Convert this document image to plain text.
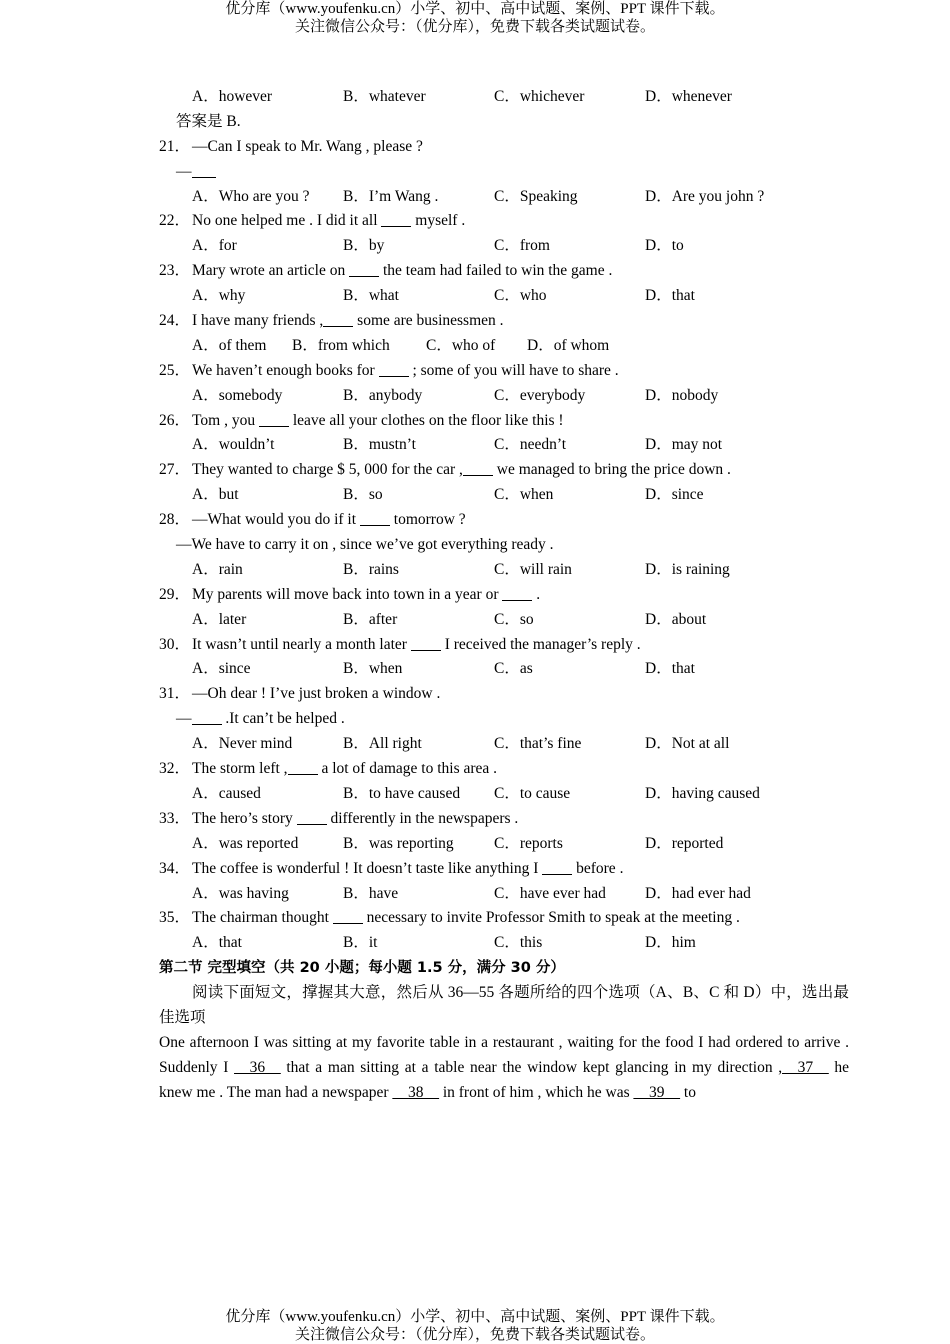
优分库（www.youfenku.cn）小学、初中、高中试题、案例、PPT 课件下载。
关注微信公众号：（优分库），免费下载各类试题试卷。
A．however	B．whatever	C．whichever	D．whenever
答案是 B.
21． —Can I speak to Mr. Wang , please ?
—
A．Who are you ? B．I’m Wang .	C．Speaking	D．Are you john ?
22． No one helped me . I did it all  myself .
A．for	B．by	C．from	D．to
23． Mary wrote an article on  the team had failed to win the game .
A．why	B．what	C．who	D．that
24． I have many friends , some are businessmen .
A．of them B．from which C．who of D．of whom
25． We haven’t enough books for  ; some of you will have to share .
A．somebody	B．anybody	C．everybody	D．nobody
26． Tom , you  leave all your clothes on the floor like this !
A．wouldn’t	B．mustn’t	C．needn’t	D．may not
27． They wanted to charge $ 5, 000 for the car , we managed to bring the price down .
A．but	B．so	C．when	D．since
28． —What would you do if it  tomorrow ?
—We have to carry it on , since we’ve got everything ready .
A．rain	B．rains	C．will rain	D．is raining
29． My parents will move back into town in a year or  .
A．later	B．after	C．so	D．about
30． It wasn’t until nearly a month later  I received the manager’s reply .
A．since	B．when	C．as	D．that
31． —Oh dear ! I’ve just broken a window .
— .It can’t be helped .
A．Never mind	B．All right	C．that’s fine	D．Not at all
32． The storm left , a lot of damage to this area .
A．caused	B．to have caused C．to cause	D．having caused
33． The hero’s story  differently in the newspapers .
A．was reported	B．was reporting	C．reports	D．reported
34． The coffee is wonderful ! It doesn’t taste like anything I  before .
A．was having	B．have	C．have ever had	D．had ever had
35． The chairman thought  necessary to invite Professor Smith to speak at the meeting .
A．that	B．it	C．this	D．him
第二节 完型填空（共 20 小题；每小题 1.5 分，满分 30 分）
阅读下面短文，撑握其大意，然后从 36—55 各题所给的四个选项（A、B、C 和 D）中，选出最佳选项
One afternoon I was sitting at my favorite table in a restaurant , waiting for the food I had ordered to arrive . Suddenly I __36__ that a man sitting at a table near the window kept glancing in my direction ,__37__ he knew me . The man had a newspaper __38__ in front of him , which he was __39__ to
优分库（www.youfenku.cn）小学、初中、高中试题、案例、PPT 课件下载。
关注微信公众号：（优分库），免费下载各类试题试卷。
